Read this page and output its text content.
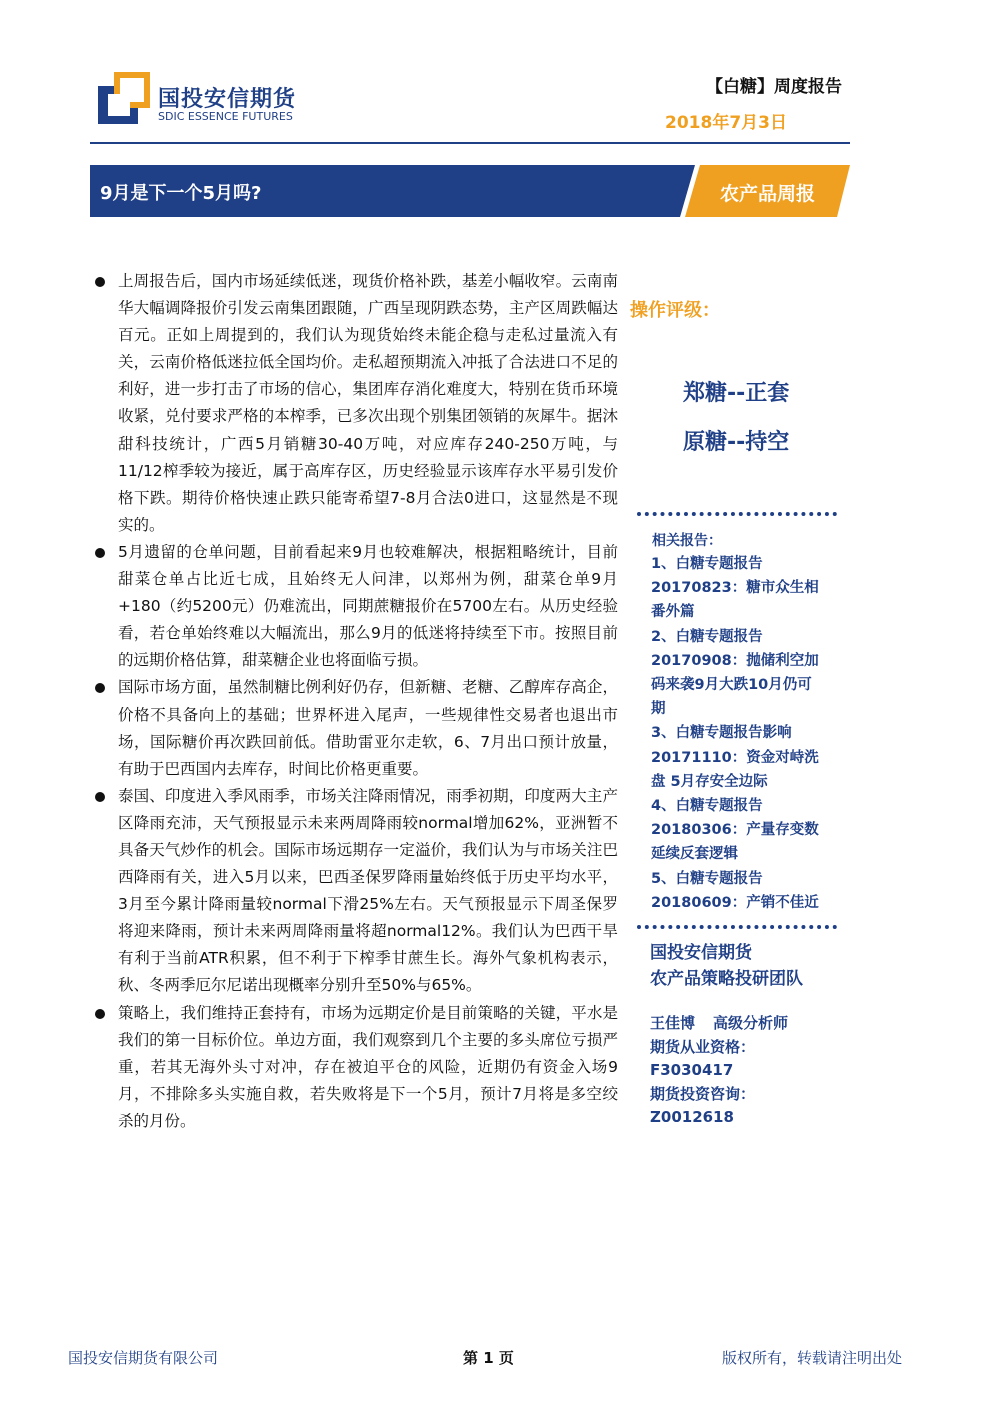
国投安信期货
SDIC ESSENCE FUTURES
【白糖】周度报告
2018年7月3日
9月是下一个5月吗?	农产品周报

上周报告后，国内市场延续低迷，现货价格补跌，基差小幅收窄。云南南华大幅调降报价引发云南集团跟随，广西呈现阴跌态势，主产区周跌幅达百元。正如上周提到的，我们认为现货始终未能企稳与走私过量流入有关，云南价格低迷拉低全国均价。走私超预期流入冲抵了合法进口不足的利好，进一步打击了市场的信心，集团库存消化难度大，特别在货币环境收紧，兑付要求严格的本榨季，已多次出现个别集团领销的灰犀牛。据沐甜科技统计，广西5月销糖30-40万吨，对应库存240-250万吨，与11/12榨季较为接近，属于高库存区，历史经验显示该库存水平易引发价格下跌。期待价格快速止跌只能寄希望7-8月合法0进口，这显然是不现实的。

5月遗留的仓单问题，目前看起来9月也较难解决，根据粗略统计，目前甜菜仓单占比近七成，且始终无人问津，以郑州为例，甜菜仓单9月+180（约5200元）仍难流出，同期蔗糖报价在5700左右。从历史经验看，若仓单始终难以大幅流出，那么9月的低迷将持续至下市。按照目前的远期价格估算，甜菜糖企业也将面临亏损。

国际市场方面，虽然制糖比例利好仍存，但新糖、老糖、乙醇库存高企，价格不具备向上的基础；世界杯进入尾声，一些规律性交易者也退出市场，国际糖价再次跌回前低。借助雷亚尔走软，6、7月出口预计放量，有助于巴西国内去库存，时间比价格更重要。

泰国、印度进入季风雨季，市场关注降雨情况，雨季初期，印度两大主产区降雨充沛，天气预报显示未来两周降雨较normal增加62%，亚洲暂不具备天气炒作的机会。国际市场远期存一定溢价，我们认为与市场关注巴西降雨有关，进入5月以来，巴西圣保罗降雨量始终低于历史平均水平，3月至今累计降雨量较normal下滑25%左右。天气预报显示下周圣保罗将迎来降雨，预计未来两周降雨量将超normal12%。我们认为巴西干旱有利于当前ATR积累，但不利于下榨季甘蔗生长。海外气象机构表示，秋、冬两季厄尔尼诺出现概率分别升至50%与65%。

策略上，我们维持正套持有，市场为远期定价是目前策略的关键，平水是我们的第一目标价位。单边方面，我们观察到几个主要的多头席位亏损严重，若其无海外头寸对冲，存在被迫平仓的风险，近期仍有资金入场9月，不排除多头实施自救，若失败将是下一个5月，预计7月将是多空绞杀的月份。

操作评级：
郑糖--正套
原糖--持空
相关报告：
1、白糖专题报告
20170823：糖市众生相
番外篇
2、白糖专题报告
20170908：抛储利空加
码来袭9月大跌10月仍可
期
3、白糖专题报告影响
20171110：资金对峙洗
盘 5月存安全边际
4、白糖专题报告
20180306：产量存变数
延续反套逻辑
5、白糖专题报告
20180609：产销不佳近
国投安信期货
农产品策略投研团队
王佳博 高级分析师
期货从业资格：
F3030417
期货投资咨询：
Z0012618
国投安信期货有限公司	第 1 页	版权所有，转载请注明出处
